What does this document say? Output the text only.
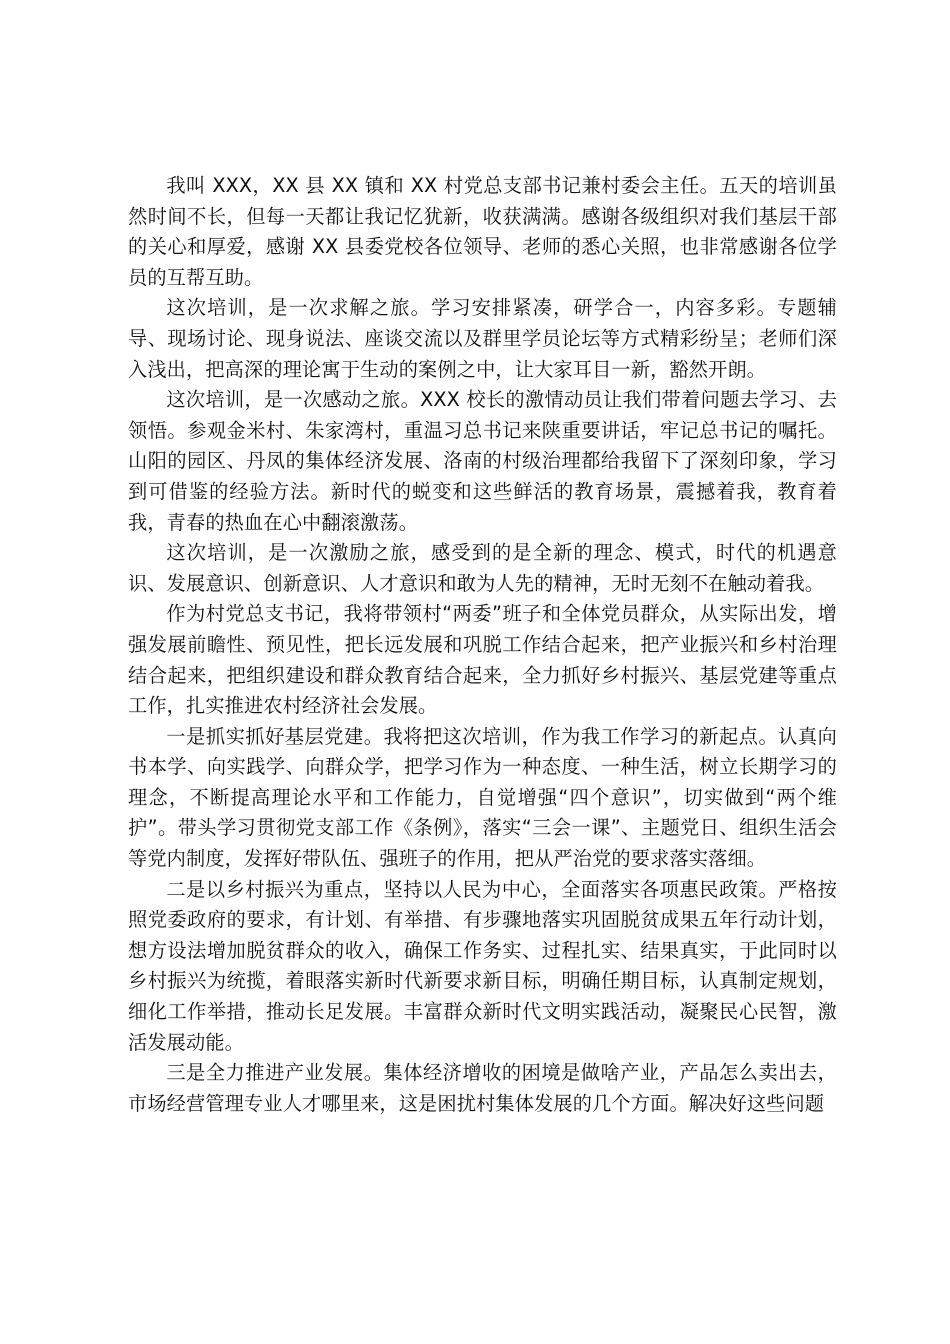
我叫 XXX，XX 县 XX 镇和 XX 村党总支部书记兼村委会主任。五天的培训虽然时间不长，但每一天都让我记忆犹新，收获满满。感谢各级组织对我们基层干部的关心和厚爱，感谢 XX 县委党校各位领导、老师的悉心关照，也非常感谢各位学员的互帮互助。

这次培训，是一次求解之旅。学习安排紧凑，研学合一，内容多彩。专题辅导、现场讨论、现身说法、座谈交流以及群里学员论坛等方式精彩纷呈；老师们深入浅出，把高深的理论寓于生动的案例之中，让大家耳目一新，豁然开朗。

这次培训，是一次感动之旅。XXX 校长的激情动员让我们带着问题去学习、去领悟。参观金米村、朱家湾村，重温习总书记来陕重要讲话，牢记总书记的嘱托。山阳的园区、丹凤的集体经济发展、洛南的村级治理都给我留下了深刻印象，学习到可借鉴的经验方法。新时代的蜕变和这些鲜活的教育场景，震撼着我，教育着我，青春的热血在心中翻滚激荡。

这次培训，是一次激励之旅，感受到的是全新的理念、模式，时代的机遇意识、发展意识、创新意识、人才意识和敢为人先的精神，无时无刻不在触动着我。

作为村党总支书记，我将带领村“两委”班子和全体党员群众，从实际出发，增强发展前瞻性、预见性，把长远发展和巩脱工作结合起来，把产业振兴和乡村治理结合起来，把组织建设和群众教育结合起来，全力抓好乡村振兴、基层党建等重点工作，扎实推进农村经济社会发展。

一是抓实抓好基层党建。我将把这次培训，作为我工作学习的新起点。认真向书本学、向实践学、向群众学，把学习作为一种态度、一种生活，树立长期学习的理念，不断提高理论水平和工作能力，自觉增强“四个意识”，切实做到“两个维护”。带头学习贯彻党支部工作《条例》，落实“三会一课”、主题党日、组织生活会等党内制度，发挥好带队伍、强班子的作用，把从严治党的要求落实落细。

二是以乡村振兴为重点，坚持以人民为中心，全面落实各项惠民政策。严格按照党委政府的要求，有计划、有举措、有步骤地落实巩固脱贫成果五年行动计划，想方设法增加脱贫群众的收入，确保工作务实、过程扎实、结果真实，于此同时以乡村振兴为统揽，着眼落实新时代新要求新目标，明确任期目标，认真制定规划，细化工作举措，推动长足发展。丰富群众新时代文明实践活动，凝聚民心民智，激活发展动能。

三是全力推进产业发展。集体经济增收的困境是做啥产业，产品怎么卖出去，市场经营管理专业人才哪里来，这是困扰村集体发展的几个方面。解决好这些问题
